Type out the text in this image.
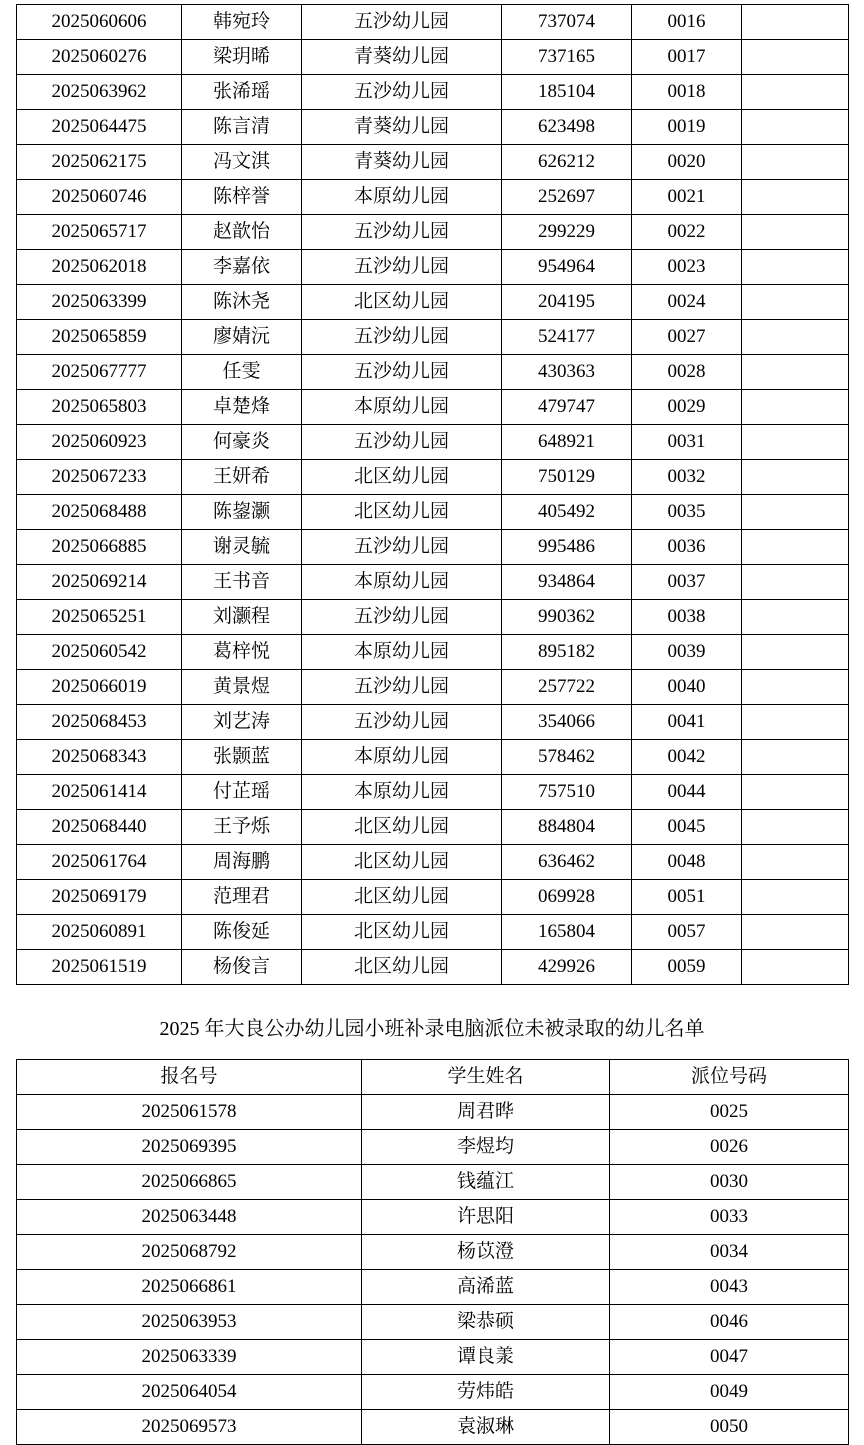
2025060606	韩宛玲	五沙幼儿园	737074	0016	
2025060276	梁玥晞	青葵幼儿园	737165	0017	
2025063962	张浠瑶	五沙幼儿园	185104	0018	
2025064475	陈言清	青葵幼儿园	623498	0019	
2025062175	冯文淇	青葵幼儿园	626212	0020	
2025060746	陈梓誉	本原幼儿园	252697	0021	
2025065717	赵歆怡	五沙幼儿园	299229	0022	
2025062018	李嘉依	五沙幼儿园	954964	0023	
2025063399	陈沐尧	北区幼儿园	204195	0024	
2025065859	廖婧沅	五沙幼儿园	524177	0027	
2025067777	任雯	五沙幼儿园	430363	0028	
2025065803	卓楚烽	本原幼儿园	479747	0029	
2025060923	何豪炎	五沙幼儿园	648921	0031	
2025067233	王妍希	北区幼儿园	750129	0032	
2025068488	陈鋆灏	北区幼儿园	405492	0035	
2025066885	谢灵毓	五沙幼儿园	995486	0036	
2025069214	王书音	本原幼儿园	934864	0037	
2025065251	刘灏程	五沙幼儿园	990362	0038	
2025060542	葛梓悦	本原幼儿园	895182	0039	
2025066019	黄景煜	五沙幼儿园	257722	0040	
2025068453	刘艺涛	五沙幼儿园	354066	0041	
2025068343	张颢蓝	本原幼儿园	578462	0042	
2025061414	付芷瑶	本原幼儿园	757510	0044	
2025068440	王予烁	北区幼儿园	884804	0045	
2025061764	周海鹏	北区幼儿园	636462	0048	
2025069179	范理君	北区幼儿园	069928	0051	
2025060891	陈俊延	北区幼儿园	165804	0057	
2025061519	杨俊言	北区幼儿园	429926	0059	
2025 年大良公办幼儿园小班补录电脑派位未被录取的幼儿名单
报名号	学生姓名	派位号码
2025061578	周君晔	0025
2025069395	李煜均	0026
2025066865	钱蕴江	0030
2025063448	许思阳	0033
2025068792	杨苡澄	0034
2025066861	高浠蓝	0043
2025063953	梁恭硕	0046
2025063339	谭良羕	0047
2025064054	劳炜皓	0049
2025069573	袁淑琳	0050
